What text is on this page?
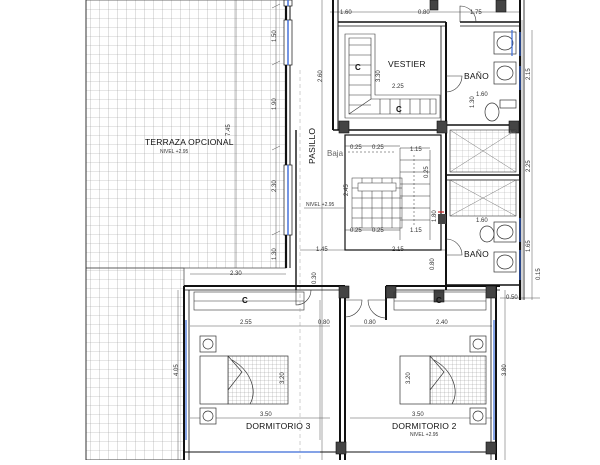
TERRAZA OPCIONAL
NIVEL +2.95
VESTIER
BAÑO
BAÑO
PASILLO
NIVEL +2.95
Baja
DORMITORIO 3	DORMITORIO 2
NIVEL +2.95
C
C
C	C
1.60	0.80	1.75
1.50
1.90
2.30
1.30
7.45
2.60	3.30
1.30
2.25
1.60
2.15
1.15
0.25 0.25
1.15
0.25 0.25
0.25
2.45
2.25
1.80	1.60
2.15
1.45	1.65
0.15
0.30
0.80
2.30
0.50
2.55	0.80	0.80	2.40
4.05
3.20	3.20
3.80
3.50	3.50
